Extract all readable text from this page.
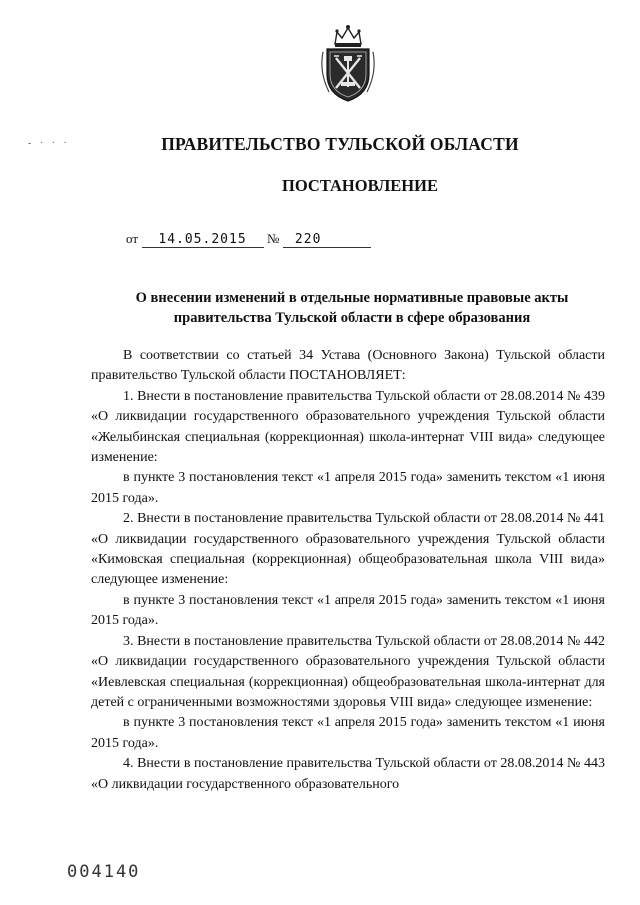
- · · ·	ПРАВИТЕЛЬСТВО ТУЛЬСКОЙ ОБЛАСТИ
ПОСТАНОВЛЕНИЕ
от 14.05.2015 № 220
О внесении изменений в отдельные нормативные правовые акты
правительства Тульской области в сфере образования

В соответствии со статьей 34 Устава (Основного Закона) Тульской области правительство Тульской области ПОСТАНОВЛЯЕТ:

1. Внести в постановление правительства Тульской области от 28.08.2014 № 439 «О ликвидации государственного образовательного учреждения Тульской области «Желыбинская специальная (коррекционная) школа-интернат VIII вида» следующее изменение:

в пункте 3 постановления текст «1 апреля 2015 года» заменить текстом «1 июня 2015 года».

2. Внести в постановление правительства Тульской области от 28.08.2014 № 441 «О ликвидации государственного образовательного учреждения Тульской области «Кимовская специальная (коррекционная) общеобразовательная школа VIII вида» следующее изменение:

в пункте 3 постановления текст «1 апреля 2015 года» заменить текстом «1 июня 2015 года».

3. Внести в постановление правительства Тульской области от 28.08.2014 № 442 «О ликвидации государственного образовательного учреждения Тульской области «Иевлевская специальная (коррекционная) общеобразовательная школа-интернат для детей с ограниченными возможностями здоровья VIII вида» следующее изменение:

в пункте 3 постановления текст «1 апреля 2015 года» заменить текстом «1 июня 2015 года».

4. Внести в постановление правительства Тульской области от 28.08.2014 № 443 «О ликвидации государственного образовательного

004140
